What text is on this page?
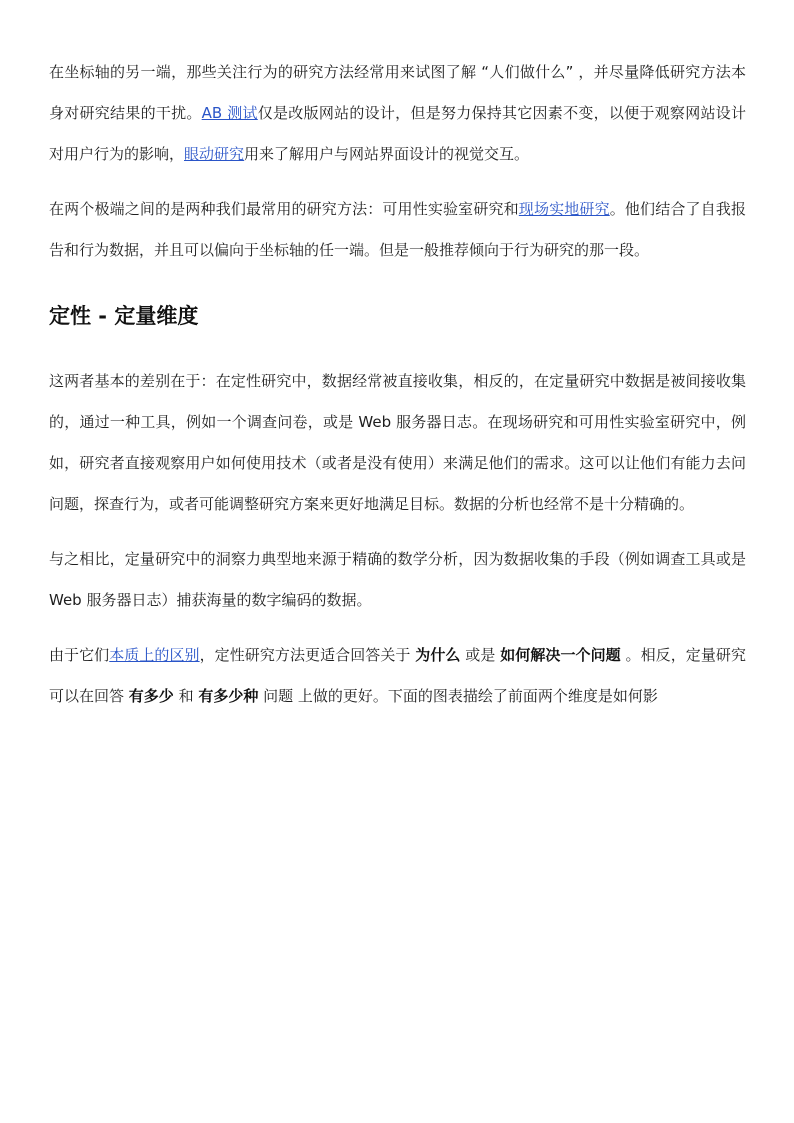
在坐标轴的另一端，那些关注行为的研究方法经常用来试图了解 “人们做什么” ，并尽量降低研究方法本身对研究结果的干扰。AB 测试仅是改版网站的设计，但是努力保持其它因素不变，以便于观察网站设计对用户行为的影响，眼动研究用来了解用户与网站界面设计的视觉交互。

在两个极端之间的是两种我们最常用的研究方法：可用性实验室研究和现场实地研究。他们结合了自我报告和行为数据，并且可以偏向于坐标轴的任一端。但是一般推荐倾向于行为研究的那一段。

定性 - 定量维度

这两者基本的差别在于：在定性研究中，数据经常被直接收集，相反的，在定量研究中数据是被间接收集的，通过一种工具，例如一个调查问卷，或是 Web 服务器日志。在现场研究和可用性实验室研究中，例如，研究者直接观察用户如何使用技术（或者是没有使用）来满足他们的需求。这可以让他们有能力去问问题，探查行为，或者可能调整研究方案来更好地满足目标。数据的分析也经常不是十分精确的。

与之相比，定量研究中的洞察力典型地来源于精确的数学分析，因为数据收集的手段（例如调查工具或是 Web 服务器日志）捕获海量的数字编码的数据。

由于它们本质上的区别，定性研究方法更适合回答关于 为什么 或是 如何解决一个问题 。相反，定量研究可以在回答 有多少 和 有多少种 问题 上做的更好。下面的图表描绘了前面两个维度是如何影
